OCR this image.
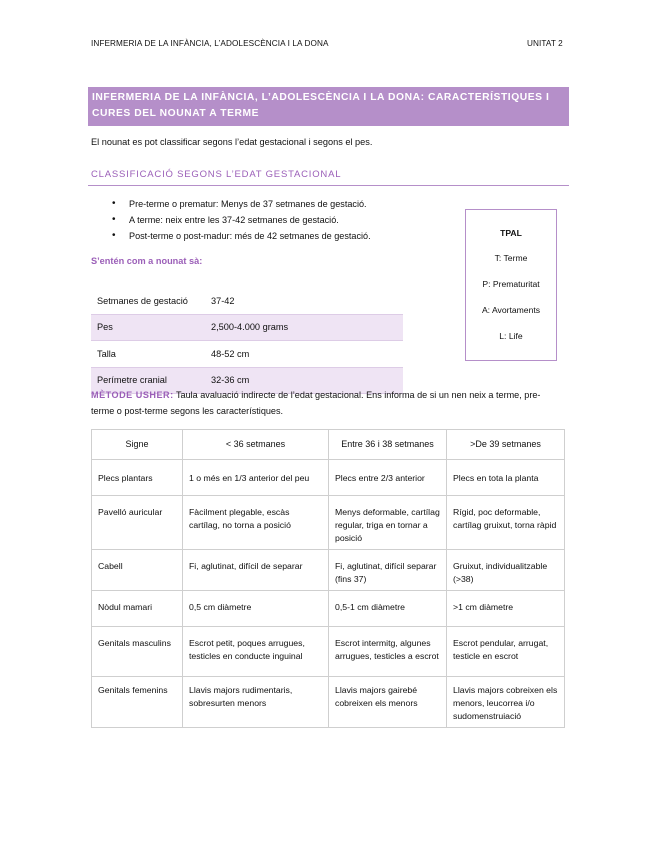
INFERMERIA DE LA INFÀNCIA, L’ADOLESCÈNCIA I LA DONA	UNITAT 2
INFERMERIA DE LA INFÀNCIA, L’ADOLESCÈNCIA I LA DONA: CARACTERÍSTIQUES I
CURES DEL NOUNAT A TERME
El nounat es pot classificar segons l’edat gestacional i segons el pes.
CLASSIFICACIÓ SEGONS L’EDAT GESTACIONAL
• Pre-terme o prematur: Menys de 37 setmanes de gestació.
• A terme: neix entre les 37-42 setmanes de gestació.
• Post-terme o post-madur: més de 42 setmanes de gestació.
S’entén com a nounat sà:
TPAL
T: Terme
P: Prematuritat
A: Avortaments
L: Life
Setmanes de gestació	37-42
Pes	2,500-4.000 grams
Talla	48-52 cm
Perímetre cranial	32-36 cm
MÈTODE USHER: Taula avaluació indirecte de l’edat gestacional. Ens informa de si un nen neix a terme, pre-terme o post-terme segons les característiques.
Signe	< 36 setmanes	Entre 36 i 38 setmanes	>De 39 setmanes
Plecs plantars	1 o més en 1/3 anterior del peu	Plecs entre 2/3 anterior	Plecs en tota la planta
Pavelló auricular	Fàcilment plegable, escàs cartílag, no torna a posició	Menys deformable, cartílag regular, triga en tornar a posició	Rígid, poc deformable, cartílag gruixut, torna ràpid
Cabell	Fi, aglutinat, difícil de separar	Fi, aglutinat, difícil separar (fins 37)	Gruixut, individualitzable (>38)
Nòdul mamari	0,5 cm diàmetre	0,5-1 cm diàmetre	>1 cm diàmetre
Genitals masculins	Escrot petit, poques arrugues, testicles en conducte inguinal	Escrot intermitg, algunes arrugues, testicles a escrot	Escrot pendular, arrugat, testicle en escrot
Genitals femenins	Llavis majors rudimentaris, sobresurten menors	Llavis majors gairebé cobreixen els menors	Llavis majors cobreixen els menors, leucorrea i/o sudomenstruiació
